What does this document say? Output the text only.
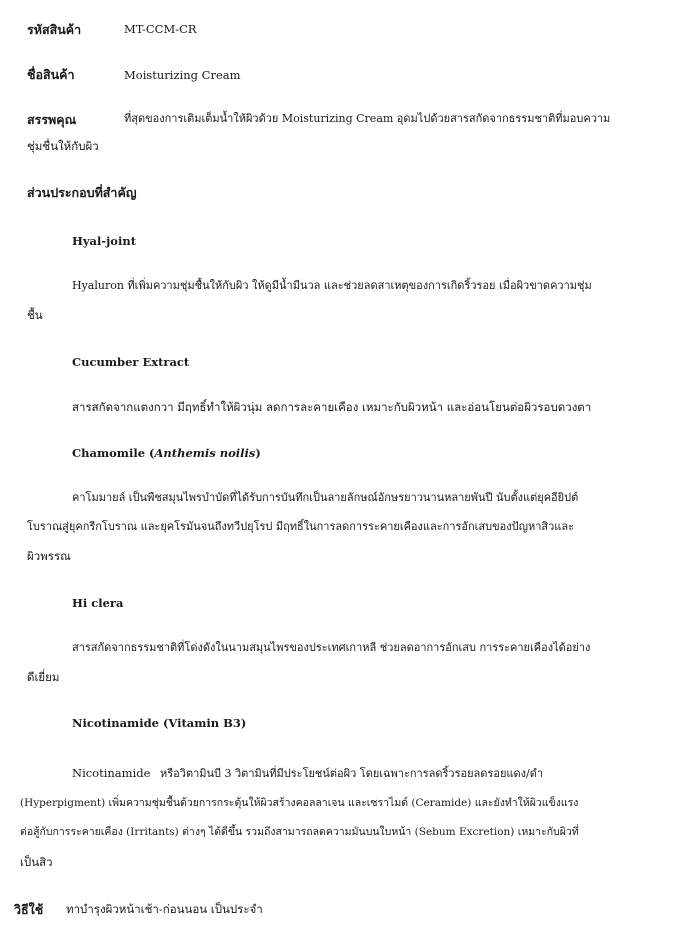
รหัสสินค้า	MT-CCM-CR

ชื่อสินค้า	Moisturizing Cream

สรรพคุณ	ที่สุดของการเติมเต็มน้ำให้ผิวด้วย Moisturizing Cream อุดมไปด้วยสารสกัดจากธรรมชาติที่มอบความ

ชุ่มชื่นให้กับผิว

ส่วนประกอบที่สำคัญ

Hyal-joint

Hyaluron ที่เพิ่มความชุ่มชื้นให้กับผิว ให้ดูมีน้ำมีนวล และช่วยลดสาเหตุของการเกิดริ้วรอย เมื่อผิวขาดความชุ่ม

ชื้น

Cucumber Extract

สารสกัดจากแตงกวา มีฤทธิ์ทำให้ผิวนุ่ม ลดการละคายเคือง เหมาะกับผิวหน้า และอ่อนโยนต่อผิวรอบดวงตา

Chamomile (Anthemis noilis)

คาโมมายล์ เป็นพืชสมุนไพรบำบัดที่ได้รับการบันทึกเป็นลายลักษณ์อักษรยาวนานหลายพันปี นับตั้งแต่ยุคอียิปต์

โบราณสู่ยุคกรีกโบราณ และยุคโรมันจนถึงทวีปยุโรป มีฤทธิ์ในการลดการระคายเคืองและการอักเสบของปัญหาสิวและ

ผิวพรรณ

Hi clera

สารสกัดจากธรรมชาติที่โด่งดังในนามสมุนไพรของประเทศเกาหลี ช่วยลดอาการอักเสบ การระคายเคืองได้อย่าง

ดีเยี่ยม

Nicotinamide (Vitamin B3)

Nicotinamide หรือวิตามินบี 3 วิตามินที่มีประโยชน์ต่อผิว โดยเฉพาะการลดริ้วรอยลดรอยแดง/ดำ

(Hyperpigment) เพิ่มความชุ่มชื้นด้วยการกระตุ้นให้ผิวสร้างคอลลาเจน และเซราไมด์ (Ceramide) และยังทำให้ผิวแข็งแรง

ต่อสู้กับการระคายเคือง (Irritants) ต่างๆ ได้ดีขึ้น รวมถึงสามารถลดความมันบนใบหน้า (Sebum Excretion) เหมาะกับผิวที่

เป็นสิว

วิธีใช้ ทาบำรุงผิวหน้าเช้า-ก่อนนอน เป็นประจำ
